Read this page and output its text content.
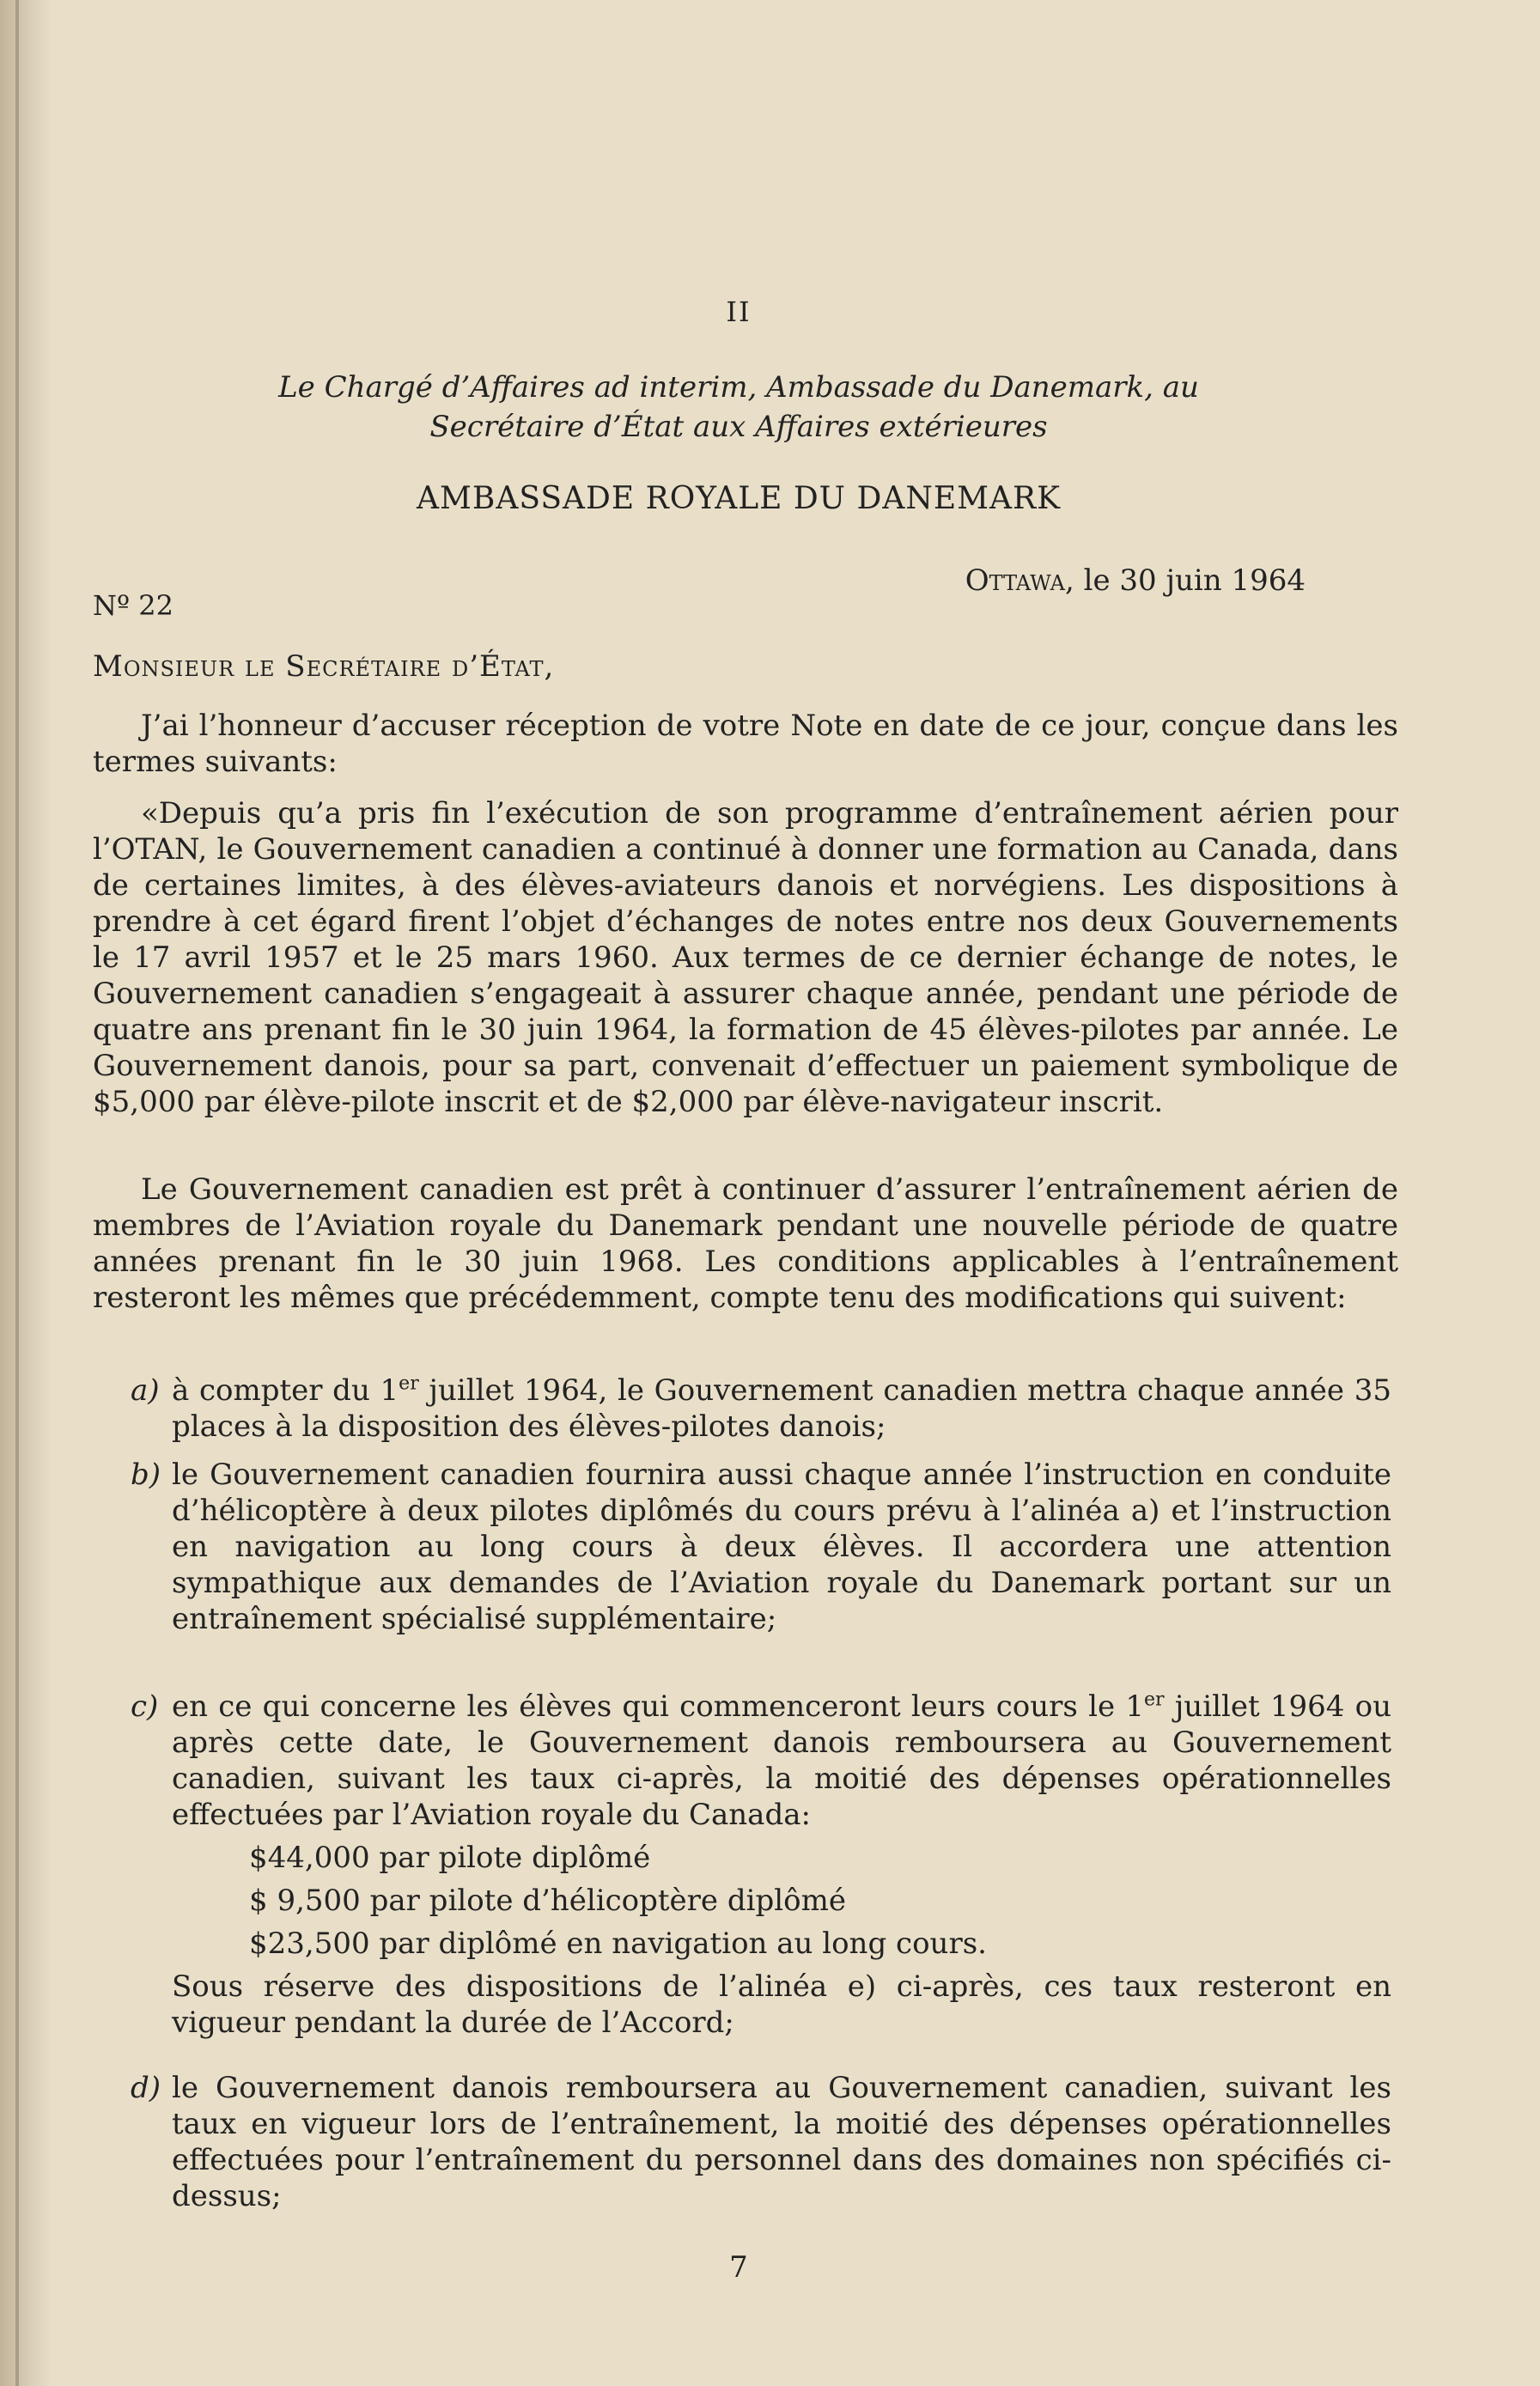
II
Le Chargé d’Affaires ad interim, Ambassade du Danemark, au
Secrétaire d’État aux Affaires extérieures
AMBASSADE ROYALE DU DANEMARK
Ottawa, le 30 juin 1964
Nº 22
Monsieur le Secrétaire d’État,

J’ai l’honneur d’accuser réception de votre Note en date de ce jour, conçue dans les termes suivants:

«Depuis qu’a pris fin l’exécution de son programme d’entraînement aérien pour l’OTAN, le Gouvernement canadien a continué à donner une formation au Canada, dans de certaines limites, à des élèves-aviateurs danois et norvégiens. Les dispositions à prendre à cet égard firent l’objet d’échanges de notes entre nos deux Gouvernements le 17 avril 1957 et le 25 mars 1960. Aux termes de ce dernier échange de notes, le Gouvernement canadien s’engageait à assurer chaque année, pendant une période de quatre ans prenant fin le 30 juin 1964, la formation de 45 élèves-pilotes par année. Le Gouvernement danois, pour sa part, convenait d’effectuer un paiement symbolique de $5,000 par élève-pilote inscrit et de $2,000 par élève-navigateur inscrit.

Le Gouvernement canadien est prêt à continuer d’assurer l’entraînement aérien de membres de l’Aviation royale du Danemark pendant une nouvelle période de quatre années prenant fin le 30 juin 1968. Les conditions applicables à l’entraînement resteront les mêmes que précédemment, compte tenu des modifications qui suivent:

a) à compter du 1er juillet 1964, le Gouvernement canadien mettra chaque année 35 places à la disposition des élèves-pilotes danois;
b) le Gouvernement canadien fournira aussi chaque année l’instruction en conduite d’hélicoptère à deux pilotes diplômés du cours prévu à l’alinéa a) et l’instruction en navigation au long cours à deux élèves. Il accordera une attention sympathique aux demandes de l’Aviation royale du Danemark portant sur un entraînement spécialisé supplémentaire;
c) en ce qui concerne les élèves qui commenceront leurs cours le 1er juillet 1964 ou après cette date, le Gouvernement danois remboursera au Gouvernement canadien, suivant les taux ci-après, la moitié des dépenses opérationnelles effectuées par l’Aviation royale du Canada:
$44,000 par pilote diplômé
$ 9,500 par pilote d’hélicoptère diplômé
$23,500 par diplômé en navigation au long cours.
Sous réserve des dispositions de l’alinéa e) ci-après, ces taux resteront en vigueur pendant la durée de l’Accord;
d) le Gouvernement danois remboursera au Gouvernement canadien, suivant les taux en vigueur lors de l’entraînement, la moitié des dépenses opérationnelles effectuées pour l’entraînement du personnel dans des domaines non spécifiés ci-dessus;
7
